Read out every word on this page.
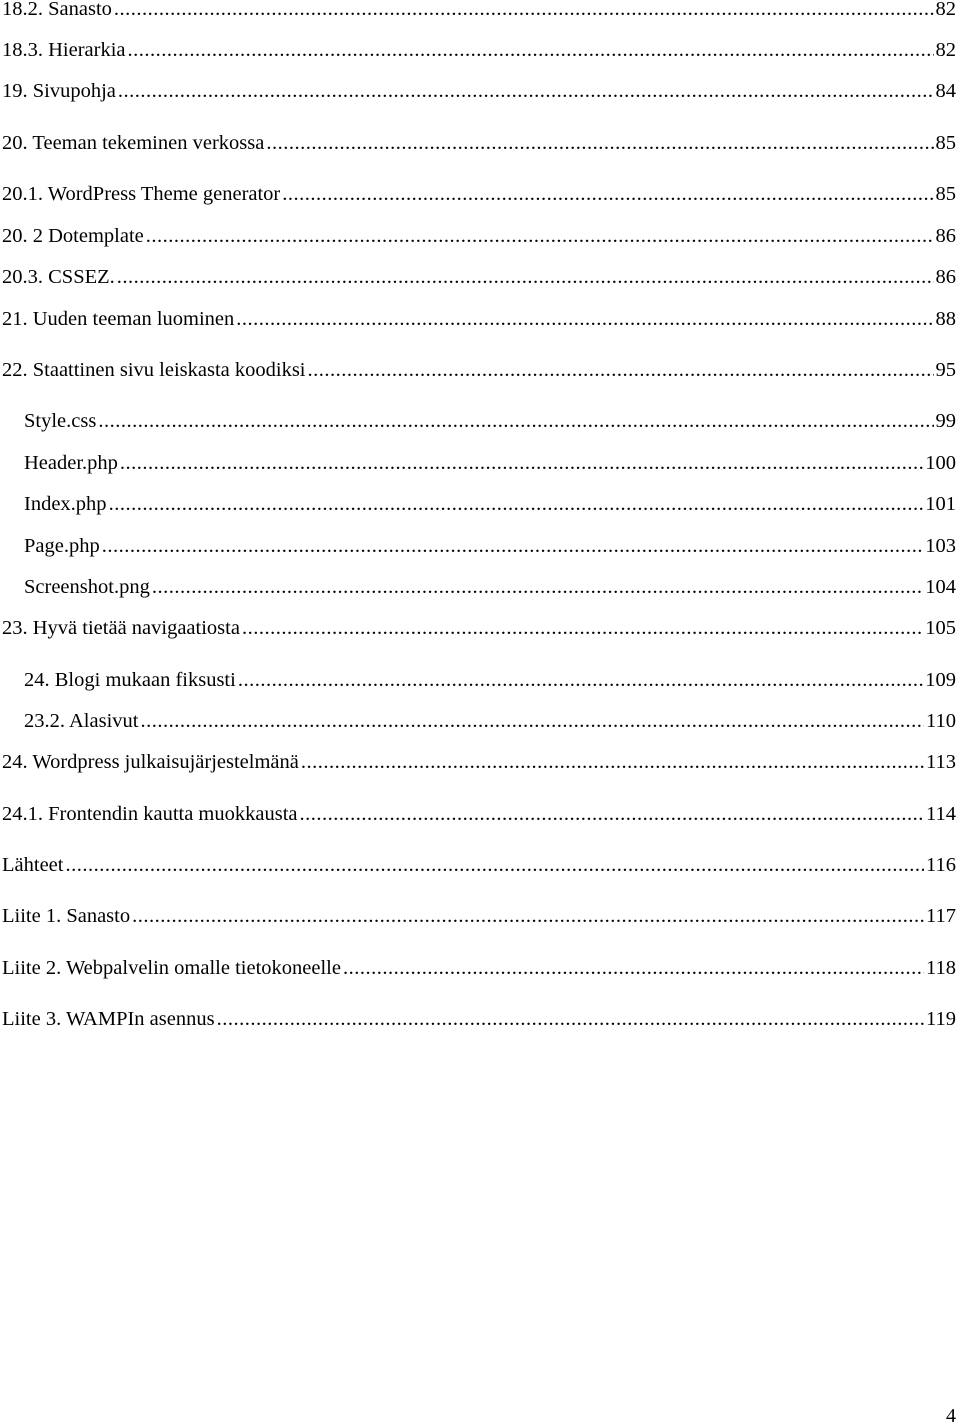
18.2. Sanasto .....	82
18.3. Hierarkia .....	82
19. Sivupohja .....	84
20. Teeman tekeminen verkossa .....	85
20.1. WordPress Theme generator .....	85
20. 2 Dotemplate .....	86
20.3. CSSEZ. .....	86
21. Uuden teeman luominen .....	88
22. Staattinen sivu leiskasta koodiksi .....	95
Style.css .....	99
Header.php .....	100
Index.php .....	101
Page.php .....	103
Screenshot.png .....	104
23. Hyvä tietää navigaatiosta .....	105
24. Blogi mukaan fiksusti .....	109
23.2. Alasivut .....	110
24. Wordpress julkaisujärjestelmänä .....	113
24.1. Frontendin kautta muokkausta .....	114
Lähteet .....	116
Liite 1. Sanasto .....	117
Liite 2. Webpalvelin omalle tietokoneelle .....	118
Liite 3. WAMPIn asennus .....	119
4
